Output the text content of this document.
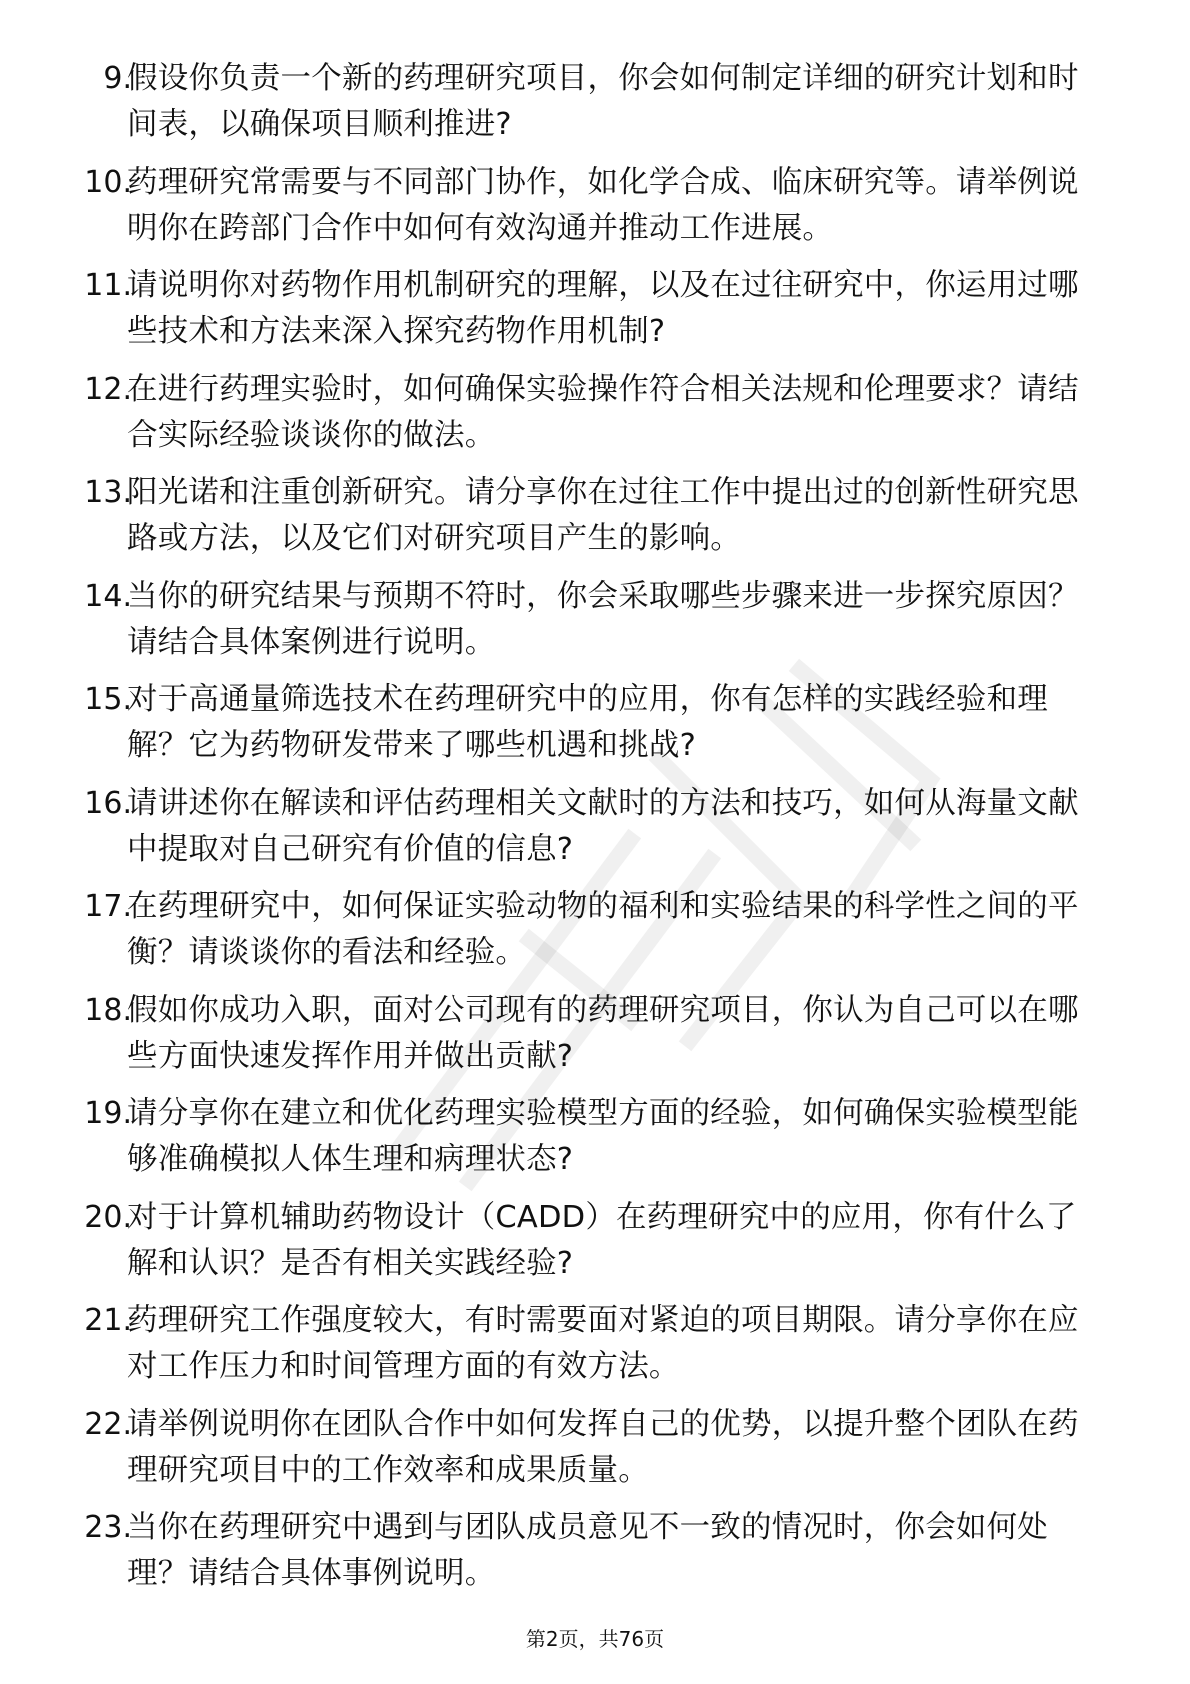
9.
假设你负责一个新的药理研究项目，你会如何制定详细的研究计划和时间表，以确保项目顺利推进?
10.
药理研究常需要与不同部门协作，如化学合成、临床研究等。请举例说明你在跨部门合作中如何有效沟通并推动工作进展。
11.
请说明你对药物作用机制研究的理解，以及在过往研究中，你运用过哪些技术和方法来深入探究药物作用机制?
12.
在进行药理实验时，如何确保实验操作符合相关法规和伦理要求？请结合实际经验谈谈你的做法。
13.
阳光诺和注重创新研究。请分享你在过往工作中提出过的创新性研究思路或方法，以及它们对研究项目产生的影响。
14.
当你的研究结果与预期不符时，你会采取哪些步骤来进一步探究原因？请结合具体案例进行说明。
15.
对于高通量筛选技术在药理研究中的应用，你有怎样的实践经验和理解？它为药物研发带来了哪些机遇和挑战?
16.
请讲述你在解读和评估药理相关文献时的方法和技巧，如何从海量文献中提取对自己研究有价值的信息?
17.
在药理研究中，如何保证实验动物的福利和实验结果的科学性之间的平衡？请谈谈你的看法和经验。
18.
假如你成功入职，面对公司现有的药理研究项目，你认为自己可以在哪些方面快速发挥作用并做出贡献?
19.
请分享你在建立和优化药理实验模型方面的经验，如何确保实验模型能够准确模拟人体生理和病理状态?
20.
对于计算机辅助药物设计（CADD）在药理研究中的应用，你有什么了解和认识？是否有相关实践经验?
21.
药理研究工作强度较大，有时需要面对紧迫的项目期限。请分享你在应对工作压力和时间管理方面的有效方法。
22.
请举例说明你在团队合作中如何发挥自己的优势，以提升整个团队在药理研究项目中的工作效率和成果质量。
23.
当你在药理研究中遇到与团队成员意见不一致的情况时，你会如何处理？请结合具体事例说明。
第2页，共76页
